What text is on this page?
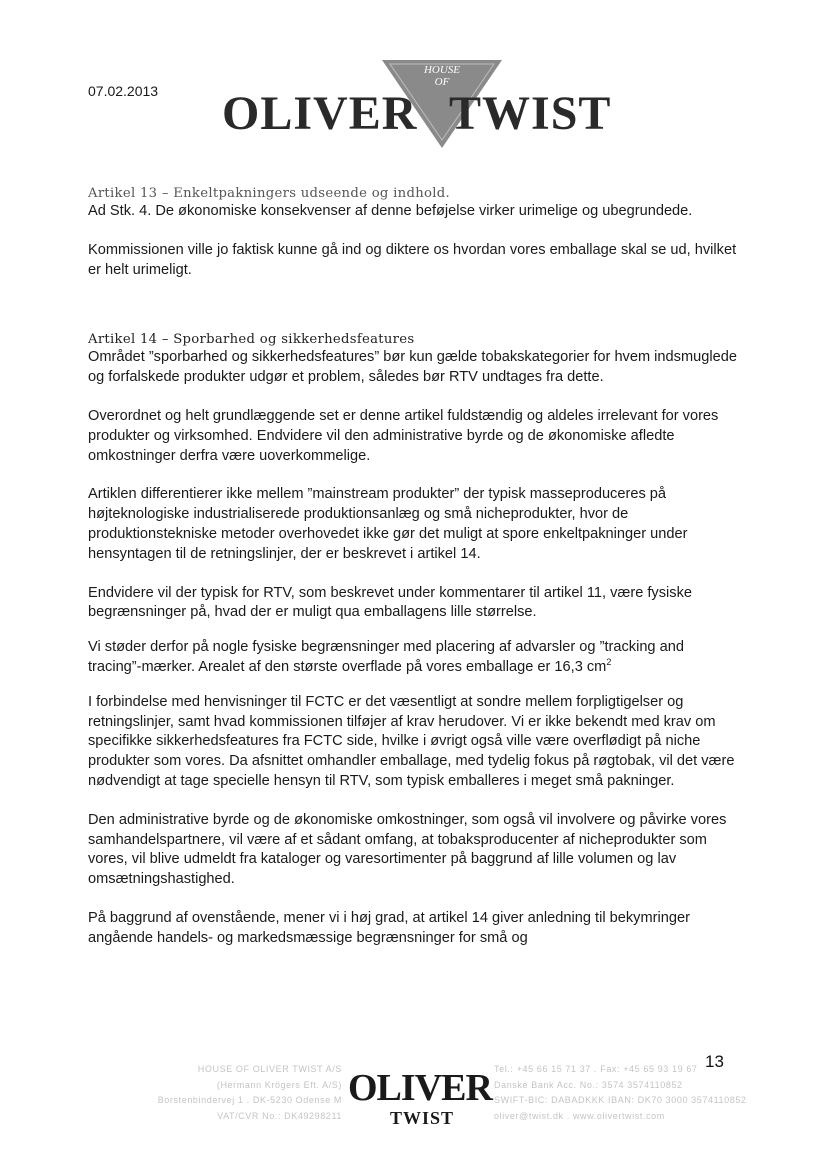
07.02.2013 OLIVER
HOUSE
OF
TWIST
Artikel 13 – Enkeltpakningers udseende og indhold.

Ad Stk. 4. De økonomiske konsekvenser af denne beføjelse virker urimelige og ubegrundede.

Kommissionen ville jo faktisk kunne gå ind og diktere os hvordan vores emballage skal se ud, hvilket er helt urimeligt.

Artikel 14 – Sporbarhed og sikkerhedsfeatures

Området ”sporbarhed og sikkerhedsfeatures” bør kun gælde tobakskategorier for hvem indsmuglede og forfalskede produkter udgør et problem, således bør RTV undtages fra dette.

Overordnet og helt grundlæggende set er denne artikel fuldstændig og aldeles irrelevant for vores produkter og virksomhed. Endvidere vil den administrative byrde og de økonomiske afledte omkostninger derfra være uoverkommelige.

Artiklen differentierer ikke mellem ”mainstream produkter” der typisk masseproduceres på højteknologiske industrialiserede produktionsanlæg og små nicheprodukter, hvor de produktionstekniske metoder overhovedet ikke gør det muligt at spore enkeltpakninger under hensyntagen til de retningslinjer, der er beskrevet i artikel 14.

Endvidere vil der typisk for RTV, som beskrevet under kommentarer til artikel 11, være fysiske begrænsninger på, hvad der er muligt qua emballagens lille størrelse.

Vi støder derfor på nogle fysiske begrænsninger med placering af advarsler og ”tracking and tracing”-mærker. Arealet af den største overflade på vores emballage er 16,3 $cm^2$

I forbindelse med henvisninger til FCTC er det væsentligt at sondre mellem forpligtigelser og retningslinjer, samt hvad kommissionen tilføjer af krav herudover. Vi er ikke bekendt med krav om specifikke sikkerhedsfeatures fra FCTC side, hvilke i øvrigt også ville være overflødigt på niche produkter som vores. Da afsnittet omhandler emballage, med tydelig fokus på røgtobak, vil det være nødvendigt at tage specielle hensyn til RTV, som typisk emballeres i meget små pakninger.

Den administrative byrde og de økonomiske omkostninger, som også vil involvere og påvirke vores samhandelspartnere, vil være af et sådant omfang, at tobaksproducenter af nicheprodukter som vores, vil blive udmeldt fra kataloger og varesortimenter på baggrund af lille volumen og lav omsætningshastighed.

På baggrund af ovenstående, mener vi i høj grad, at artikel 14 giver anledning til bekymringer angående handels- og markedsmæssige begrænsninger for små og

HOUSE OF OLIVER TWIST A/S
(Hermann Krögers Eft. A/S)
Borstenbindervej 1 . DK-5230 Odense M
VAT/CVR No.: DK49298211
OLIVER
TWIST
Tel.: +45 66 15 71 37 . Fax: +45 65 93 19 67
Danske Bank Acc. No.: 3574 3574110852
SWIFT-BIC: DABADKKK IBAN: DK70 3000 3574110852
oliver@twist.dk . www.olivertwist.com
13
